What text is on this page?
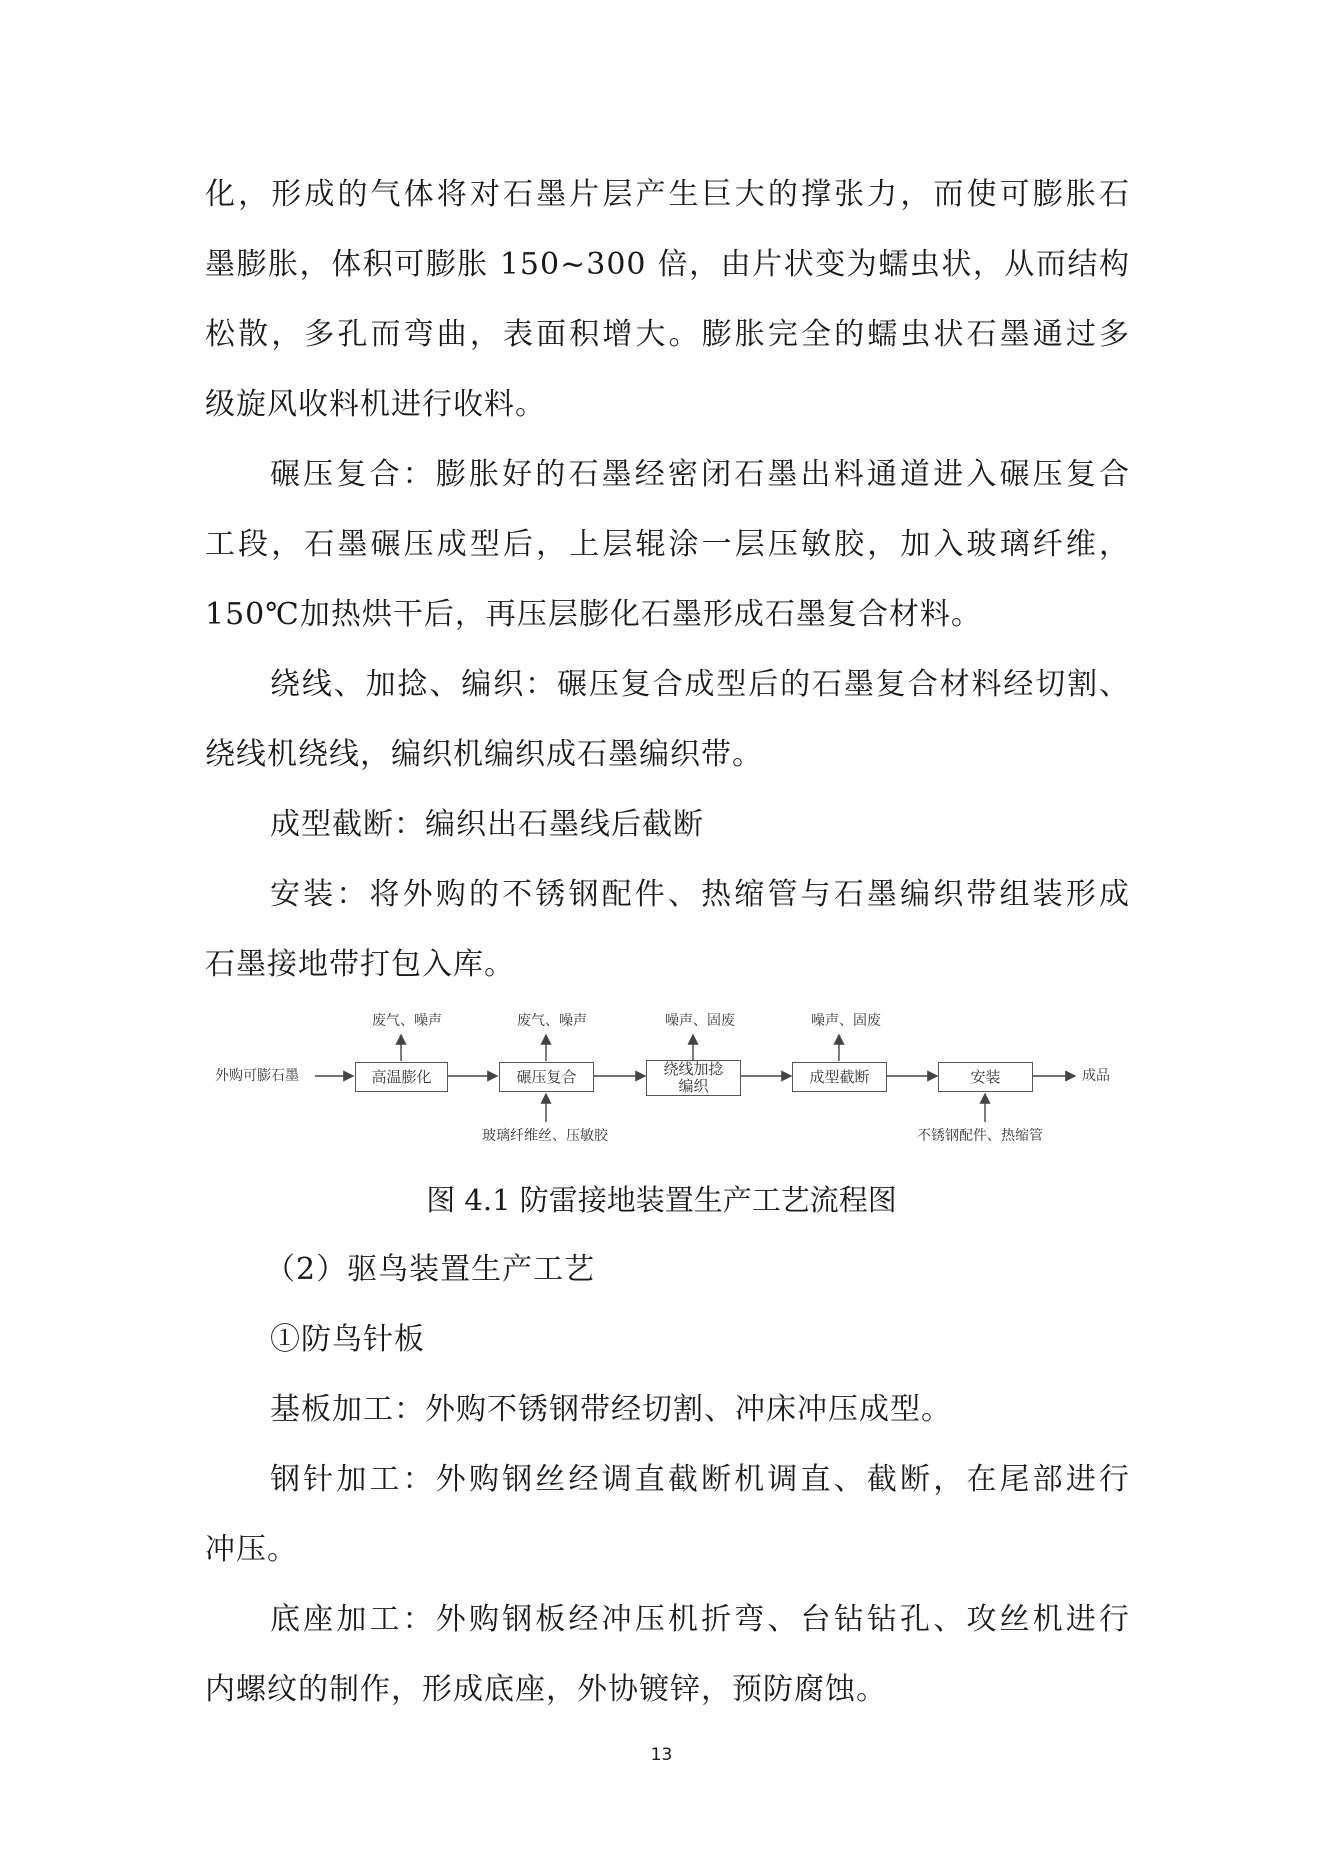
化，形成的气体将对石墨片层产生巨大的撑张力，而使可膨胀石
墨膨胀，体积可膨胀 150~300 倍，由片状变为蠕虫状，从而结构
松散，多孔而弯曲，表面积增大。膨胀完全的蠕虫状石墨通过多
级旋风收料机进行收料。
碾压复合：膨胀好的石墨经密闭石墨出料通道进入碾压复合
工段，石墨碾压成型后，上层辊涂一层压敏胶，加入玻璃纤维，
150℃加热烘干后，再压层膨化石墨形成石墨复合材料。
绕线、加捻、编织：碾压复合成型后的石墨复合材料经切割、
绕线机绕线，编织机编织成石墨编织带。
成型截断：编织出石墨线后截断
安装：将外购的不锈钢配件、热缩管与石墨编织带组装形成
石墨接地带打包入库。
外购可膨石墨	成品
高温膨化	碾压复合	绕线加捻
编织
成型截断	安装
废气、噪声	废气、噪声	噪声、固废	噪声、固废
玻璃纤维丝、压敏胶	不锈钢配件、热缩管
图 4.1 防雷接地装置生产工艺流程图
（2）驱鸟装置生产工艺
①防鸟针板
基板加工：外购不锈钢带经切割、冲床冲压成型。
钢针加工：外购钢丝经调直截断机调直、截断，在尾部进行
冲压。
底座加工：外购钢板经冲压机折弯、台钻钻孔、攻丝机进行
内螺纹的制作，形成底座，外协镀锌，预防腐蚀。
13
